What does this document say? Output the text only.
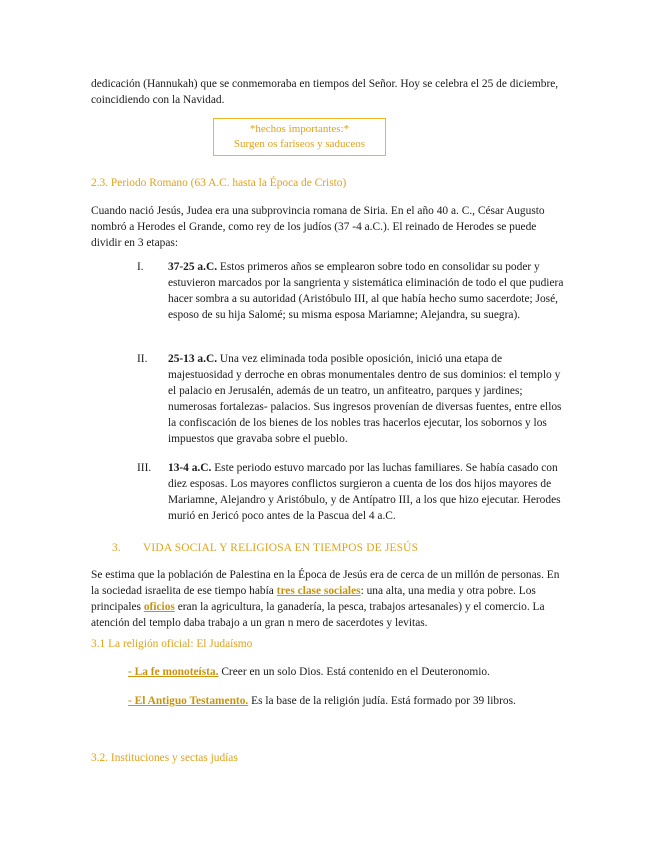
dedicación (Hannukah) que se conmemoraba en tiempos del Señor. Hoy se celebra el 25 de diciembre, coincidiendo con la Navidad.
*hechos importantes:*
Surgen os fariseos y saduceos
2.3. Periodo Romano (63 A.C. hasta la Época de Cristo)
Cuando nació Jesús, Judea era una subprovincia romana de Siria. En el año 40 a. C., César Augusto nombró a Herodes el Grande, como rey de los judíos (37 -4 a.C.). El reinado de Herodes se puede dividir en 3 etapas:
I. 37-25 a.C. Estos primeros años se emplearon sobre todo en consolidar su poder y estuvieron marcados por la sangrienta y sistemática eliminación de todo el que pudiera hacer sombra a su autoridad (Aristóbulo III, al que había hecho sumo sacerdote; José, esposo de su hija Salomé; su misma esposa Mariamne; Alejandra, su suegra).
II. 25-13 a.C. Una vez eliminada toda posible oposición, inició una etapa de majestuosidad y derroche en obras monumentales dentro de sus dominios: el templo y el palacio en Jerusalén, además de un teatro, un anfiteatro, parques y jardines; numerosas fortalezas- palacios. Sus ingresos provenían de diversas fuentes, entre ellos la confiscación de los bienes de los nobles tras hacerlos ejecutar, los sobornos y los impuestos que gravaba sobre el pueblo.
III. 13-4 a.C. Este periodo estuvo marcado por las luchas familiares. Se había casado con diez esposas. Los mayores conflictos surgieron a cuenta de los dos hijos mayores de Mariamne, Alejandro y Aristóbulo, y de Antípatro III, a los que hizo ejecutar. Herodes murió en Jericó poco antes de la Pascua del 4 a.C.
3. VIDA SOCIAL Y RELIGIOSA EN TIEMPOS DE JESÚS
Se estima que la población de Palestina en la Época de Jesús era de cerca de un millón de personas. En la sociedad israelita de ese tiempo había tres clase sociales: una alta, una media y otra pobre. Los principales oficios eran la agricultura, la ganadería, la pesca, trabajos artesanales) y el comercio. La atención del templo daba trabajo a un gran n mero de sacerdotes y levitas.
3.1 La religión oficial: El Judaísmo
- La fe monoteísta. Creer en un solo Dios. Está contenido en el Deuteronomio.
- El Antiguo Testamento. Es la base de la religión judía. Está formado por 39 libros.
3.2. Instituciones y sectas judías
